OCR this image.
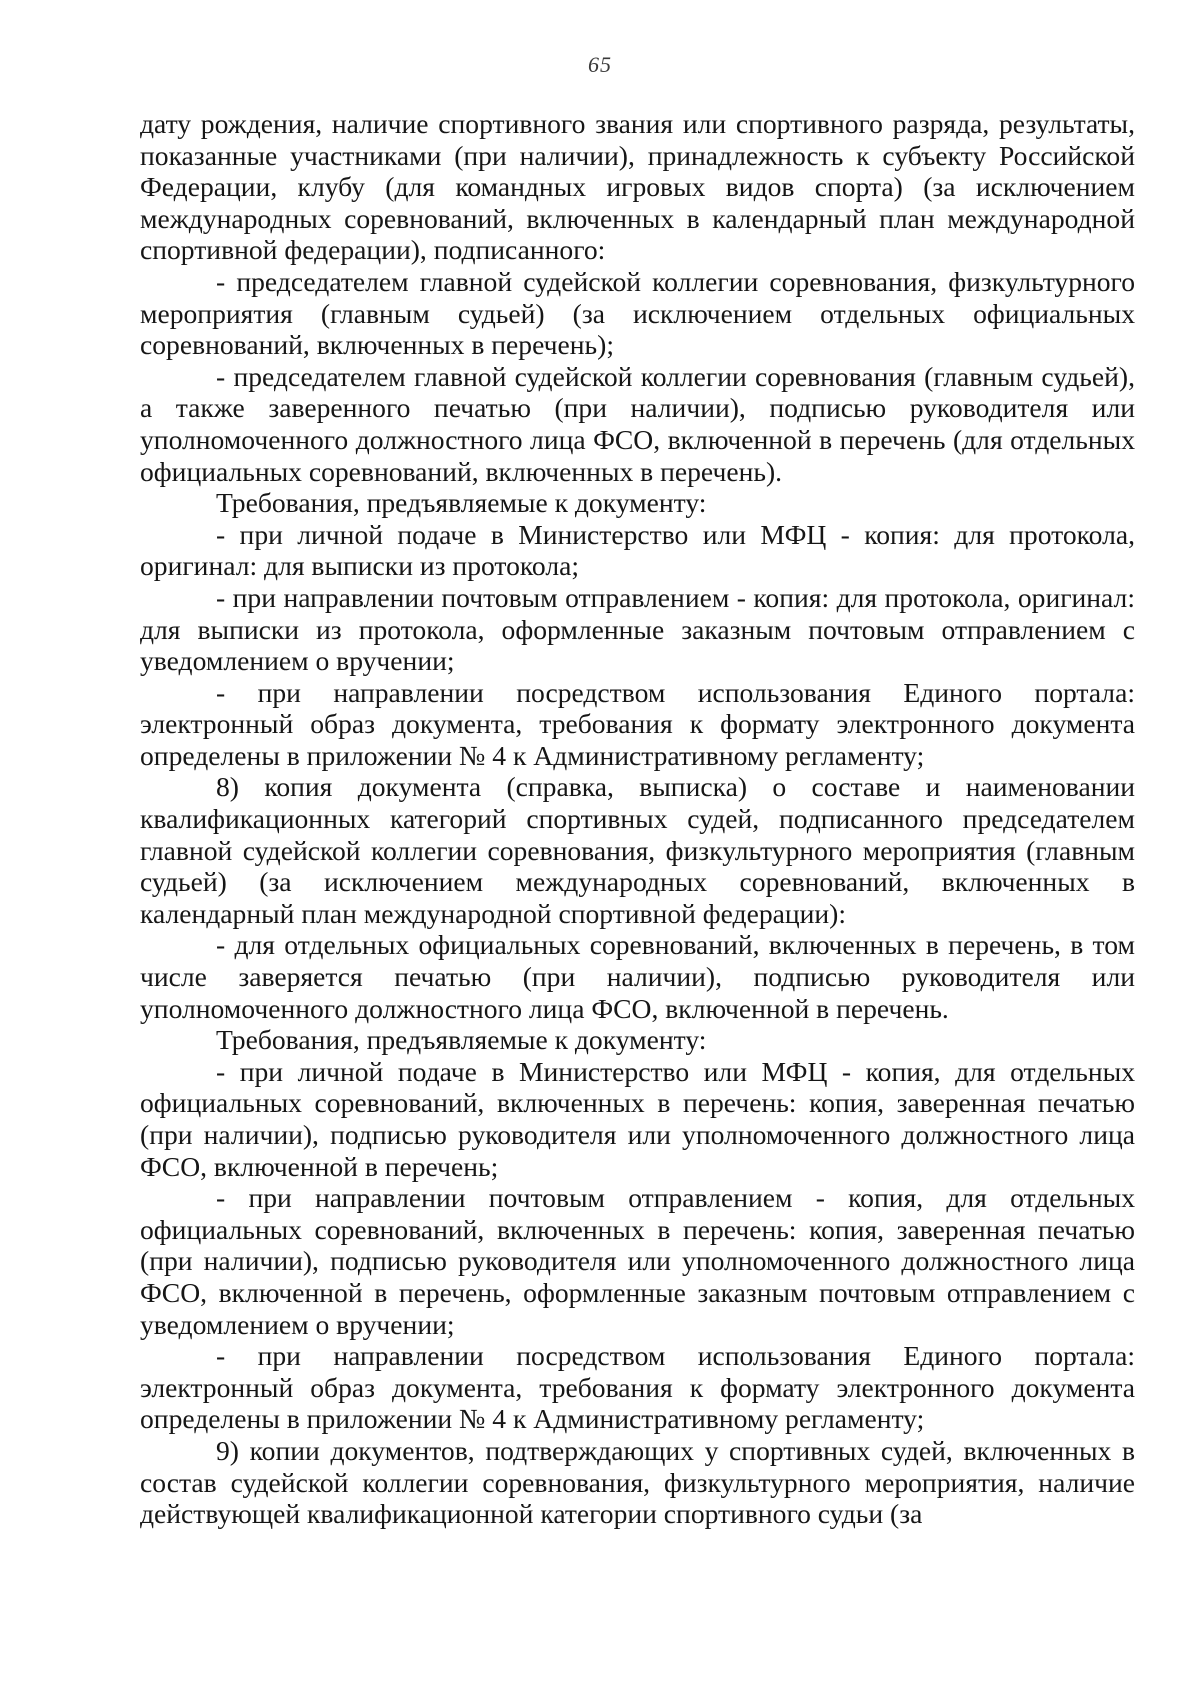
65

дату рождения, наличие спортивного звания или спортивного разряда, результаты, показанные участниками (при наличии), принадлежность к субъекту Российской Федерации, клубу (для командных игровых видов спорта) (за исключением международных соревнований, включенных в календарный план международной спортивной федерации), подписанного:

- председателем главной судейской коллегии соревнования, физкультурного мероприятия (главным судьей) (за исключением отдельных официальных соревнований, включенных в перечень);

- председателем главной судейской коллегии соревнования (главным судьей), а также заверенного печатью (при наличии), подписью руководителя или уполномоченного должностного лица ФСО, включенной в перечень (для отдельных официальных соревнований, включенных в перечень).

Требования, предъявляемые к документу:

- при личной подаче в Министерство или МФЦ - копия: для протокола, оригинал: для выписки из протокола;

- при направлении почтовым отправлением - копия: для протокола, оригинал: для выписки из протокола, оформленные заказным почтовым отправлением с уведомлением о вручении;

- при направлении посредством использования Единого портала: электронный образ документа, требования к формату электронного документа определены в приложении № 4 к Административному регламенту;

8) копия документа (справка, выписка) о составе и наименовании квалификационных категорий спортивных судей, подписанного председателем главной судейской коллегии соревнования, физкультурного мероприятия (главным судьей) (за исключением международных соревнований, включенных в календарный план международной спортивной федерации):

- для отдельных официальных соревнований, включенных в перечень, в том числе заверяется печатью (при наличии), подписью руководителя или уполномоченного должностного лица ФСО, включенной в перечень.

Требования, предъявляемые к документу:

- при личной подаче в Министерство или МФЦ - копия, для отдельных официальных соревнований, включенных в перечень: копия, заверенная печатью (при наличии), подписью руководителя или уполномоченного должностного лица ФСО, включенной в перечень;

- при направлении почтовым отправлением - копия, для отдельных официальных соревнований, включенных в перечень: копия, заверенная печатью (при наличии), подписью руководителя или уполномоченного должностного лица ФСО, включенной в перечень, оформленные заказным почтовым отправлением с уведомлением о вручении;

- при направлении посредством использования Единого портала: электронный образ документа, требования к формату электронного документа определены в приложении № 4 к Административному регламенту;

9) копии документов, подтверждающих у спортивных судей, включенных в состав судейской коллегии соревнования, физкультурного мероприятия, наличие действующей квалификационной категории спортивного судьи (за
